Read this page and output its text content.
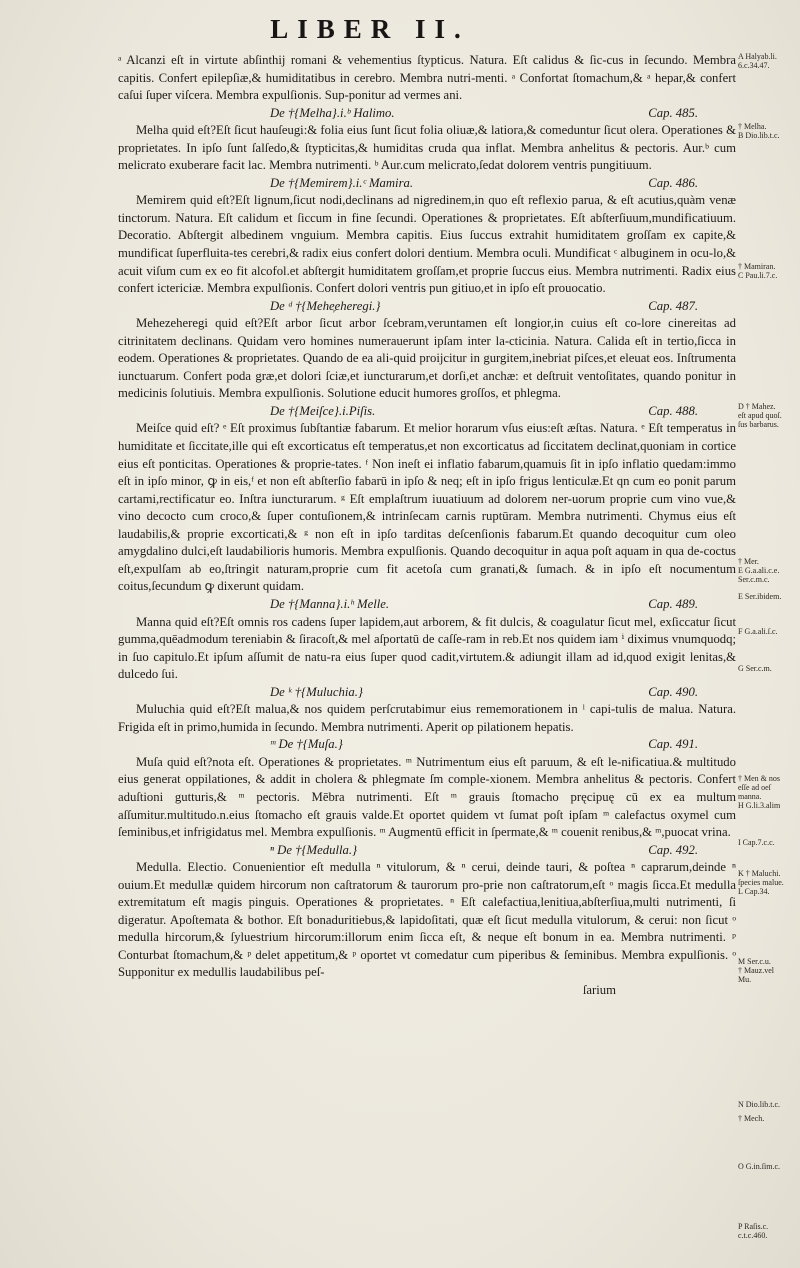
LIBER II.

ᵃ Alcanzi eſt in virtute abſinthij romani & vehementius ſtypticus. Natura. Eſt calidus & ſic-cus in ſecundo. Membra capitis. Confert epilepſiæ,& humiditatibus in cerebro. Membra nutri-menti. ᵃ Confortat ſtomachum,& ᵃ hepar,& confert caſui ſuper viſcera. Membra expulſionis. Sup-ponitur ad vermes ani.

De †{Melha}.i.ᵇ Halimo.	Cap. 485.

Melha quid eſt?Eſt ſicut hauſeugi:& folia eius ſunt ſicut folia oliuæ,& latiora,& comeduntur ſicut olera. Operationes & proprietates. In ipſo ſunt ſalſedo,& ſtypticitas,& humiditas cruda qua inflat. Membra anhelitus & pectoris. Aur.ᵇ cum melicrato exuberare facit lac. Membra nutrimenti. ᵇ Aur.cum melicrato,ſedat dolorem ventris pungitiuum.

De †{Memirem}.i.ᶜ Mamira.	Cap. 486.

Memirem quid eſt?Eſt lignum,ſicut nodi,declinans ad nigredinem,in quo eſt reflexio parua, & eſt acutius,quàm venæ tinctorum. Natura. Eſt calidum et ſiccum in fine ſecundi. Operationes & proprietates. Eſt abſterſiuum,mundificatiuum. Decoratio. Abſtergit albedinem vnguium. Membra capitis. Eius ſuccus extrahit humiditatem groſſam ex capite,& mundificat ſuperfluita-tes cerebri,& radix eius confert dolori dentium. Membra oculi. Mundificat ᶜ albuginem in ocu-lo,& acuit viſum cum ex eo fit alcofol.et abſtergit humiditatem groſſam,et proprie ſuccus eius. Membra nutrimenti. Radix eius confert ictericiæ. Membra expulſionis. Confert dolori ventris pun gitiuo,et in ipſo eſt prouocatio.

De ᵈ †{Mehe᷊eheregi.}	Cap. 487.

Mehezeheregi quid eſt?Eſt arbor ſicut arbor ſcebram,veruntamen eſt longior,in cuius eſt co-lore cinereitas ad citrinitatem declinans. Quidam vero homines numerauerunt ipſam inter la-cticinia. Natura. Calida eſt in tertio,ſicca in eodem. Operationes & proprietates. Quando de ea ali-quid proijcitur in gurgitem,inebriat piſces,et eleuat eos. Inſtrumenta iunctuarum. Confert poda græ,et dolori ſciæ,et iuncturarum,et dorſi,et anchæ: et deſtruit ventoſitates, quando ponitur in medicinis ſolutiuis. Membra expulſionis. Solutione educit humores groſſos, et phlegma.

De †{Meiſce}.i.Piſis.	Cap. 488.

Meiſce quid eſt? ᵉ Eſt proximus ſubſtantiæ fabarum. Et melior horarum vſus eius:eſt æſtas. Natura. ᵉ Eſt temperatus in humiditate et ſiccitate,ille qui eſt excorticatus eſt temperatus,et non excorticatus ad ſiccitatem declinat,quoniam in cortice eius eſt ponticitas. Operationes & proprie-tates. ᶠ Non ineſt ei inflatio fabarum,quamuis ſit in ipſo inflatio quedam:immo eſt in ipſo minor, ꝙ in eis,ᶠ et non eſt abſterſio fabarū in ipſo & neq; eſt in ipſo frigus lenticulæ.Et qn cum eo ponit parum cartami,rectificatur eo. Inſtra iuncturarum. ᵍ Eſt emplaſtrum iuuatiuum ad dolorem ner-uorum proprie cum vino vue,& vino decocto cum croco,& ſuper contuſionem,& intrinſecam carnis ruptūram. Membra nutrimenti. Chymus eius eſt laudabilis,& proprie excorticati,& ᵍ non eſt in ipſo tarditas deſcenſionis fabarum.Et quando decoquitur cum oleo amygdalino dulci,eſt laudabilioris humoris. Membra expulſionis. Quando decoquitur in aqua poſt aquam in qua de-coctus eſt,expulſam ab eo,ſtringit naturam,proprie cum fit acetoſa cum granati,& ſumach. & in ipſo eſt nocumentum coitus,ſecundum ꝙ dixerunt quidam.

De †{Manna}.i.ʰ Melle.	Cap. 489.

Manna quid eſt?Eſt omnis ros cadens ſuper lapidem,aut arborem, & fit dulcis, & coagulatur ſicut mel, exſiccatur ſicut gumma,quēadmodum tereniabin & ſiracoſt,& mel aſportatū de caſſe-ram in reb.Et nos quidem iam ⁱ diximus vnumquodq; in ſuo capitulo.Et ipſum aſſumit de natu-ra eius ſuper quod cadit,virtutem.& adiungit illam ad id,quod exigit lenitas,& dulcedo ſui.

De ᵏ †{Muluchia.}	Cap. 490.

Muluchia quid eſt?Eſt malua,& nos quidem perſcrutabimur eius rememorationem in ˡ capi-tulis de malua. Natura. Frigida eſt in primo,humida in ſecundo. Membra nutrimenti. Aperit op pilationem hepatis.

ᵐ De †{Muſa.}	Cap. 491.

Muſa quid eſt?nota eſt. Operationes & proprietates. ᵐ Nutrimentum eius eſt paruum, & eſt le-nificatiua.& multitudo eius generat oppilationes, & addit in cholera & phlegmate ſm comple-xionem. Membra anhelitus & pectoris. Confert aduſtioni gutturis,& ᵐ pectoris. Mēbra nutrimenti. Eſt ᵐ grauis ſtomacho pręcipuę cū ex ea multum aſſumitur.multitudo.n.eius ſtomacho eſt grauis valde.Et oportet quidem vt ſumat poſt ipſam ᵐ calefactus oxymel cum ſeminibus,et infrigidatus mel. Membra expulſionis. ᵐ Augmentū efficit in ſpermate,& ᵐ couenit renibus,& ᵐ,puocat vrina.

ⁿ De †{Medulla.}	Cap. 492.

Medulla. Electio. Conuenientior eſt medulla ⁿ vitulorum, & ⁿ cerui, deinde tauri, & poſtea ⁿ caprarum,deinde ⁿ ouium.Et medullæ quidem hircorum non caſtratorum & taurorum pro-prie non caſtratorum,eſt ᵒ magis ſicca.Et medulla extremitatum eſt magis pinguis. Operationes & proprietates. ⁿ Eſt calefactiua,lenitiua,abſterſiua,multi nutrimenti, ſi digeratur. Apoſtemata & bothor. Eſt bonaduritiebus,& lapidoſitati, quæ eſt ſicut medulla vitulorum, & cerui: non ſicut ᵒ medulla hircorum,& ſyluestrium hircorum:illorum enim ſicca eſt, & neque eſt bonum in ea. Membra nutrimenti. ᵖ Conturbat ſtomachum,& ᵖ delet appetitum,& ᵖ oportet vt comedatur cum piperibus & ſeminibus. Membra expulſionis. ᵒ Supponitur ex medullis laudabilibus peſ-

ſarium
A Halyab.li.
6.c.34.47.
† Melha.
B Dio.lib.t.c.
† Mamiran.
C Pau.li.7.c.
D † Mahez.
eſt apud quoſ.
ſus barbarus.
† Mer.
E G.a.ali.c.e.
Ser.c.m.c.
E Ser.ibidem.
F G.a.ali.ſ.c.
G Ser.c.m.
† Men & nos
eſſe ad oeſ
manna.
H G.li.3.alim
I Cap.7.c.c.
K † Maluchi.
ſpecies malue.
L Cap.34.
M Ser.c.u.
† Mauz.vel
Mu.
N Dio.lib.t.c.
† Mech.
O G.in.ſim.c.
P Raſis.c.
c.t.c.460.
